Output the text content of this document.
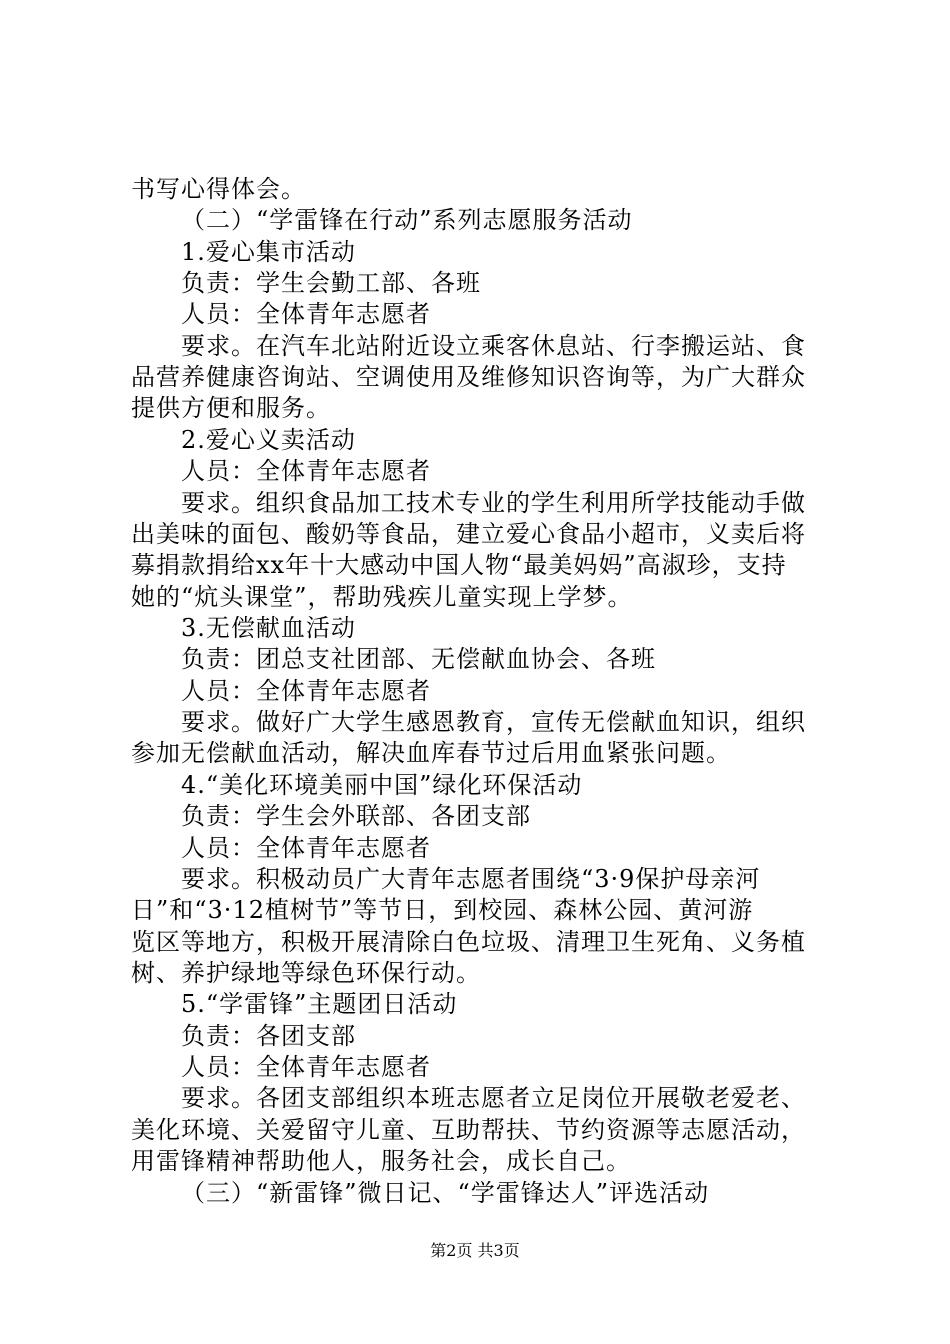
书写心得体会。
（二）“学雷锋在行动”系列志愿服务活动
1.爱心集市活动
负责：学生会勤工部、各班
人员：全体青年志愿者
要求。在汽车北站附近设立乘客休息站、行李搬运站、食
品营养健康咨询站、空调使用及维修知识咨询等，为广大群众
提供方便和服务。
2.爱心义卖活动
人员：全体青年志愿者
要求。组织食品加工技术专业的学生利用所学技能动手做
出美味的面包、酸奶等食品，建立爱心食品小超市，义卖后将
募捐款捐给xx年十大感动中国人物“最美妈妈”高淑珍，支持
她的“炕头课堂”，帮助残疾儿童实现上学梦。
3.无偿献血活动
负责：团总支社团部、无偿献血协会、各班
人员：全体青年志愿者
要求。做好广大学生感恩教育，宣传无偿献血知识，组织
参加无偿献血活动，解决血库春节过后用血紧张问题。
4.“美化环境美丽中国”绿化环保活动
负责：学生会外联部、各团支部
人员：全体青年志愿者
要求。积极动员广大青年志愿者围绕“3·9保护母亲河
日”和“3·12植树节”等节日，到校园、森林公园、黄河游
览区等地方，积极开展清除白色垃圾、清理卫生死角、义务植
树、养护绿地等绿色环保行动。
5.“学雷锋”主题团日活动
负责：各团支部
人员：全体青年志愿者
要求。各团支部组织本班志愿者立足岗位开展敬老爱老、
美化环境、关爱留守儿童、互助帮扶、节约资源等志愿活动，
用雷锋精神帮助他人，服务社会，成长自己。
（三）“新雷锋”微日记、“学雷锋达人”评选活动
第2页 共3页
